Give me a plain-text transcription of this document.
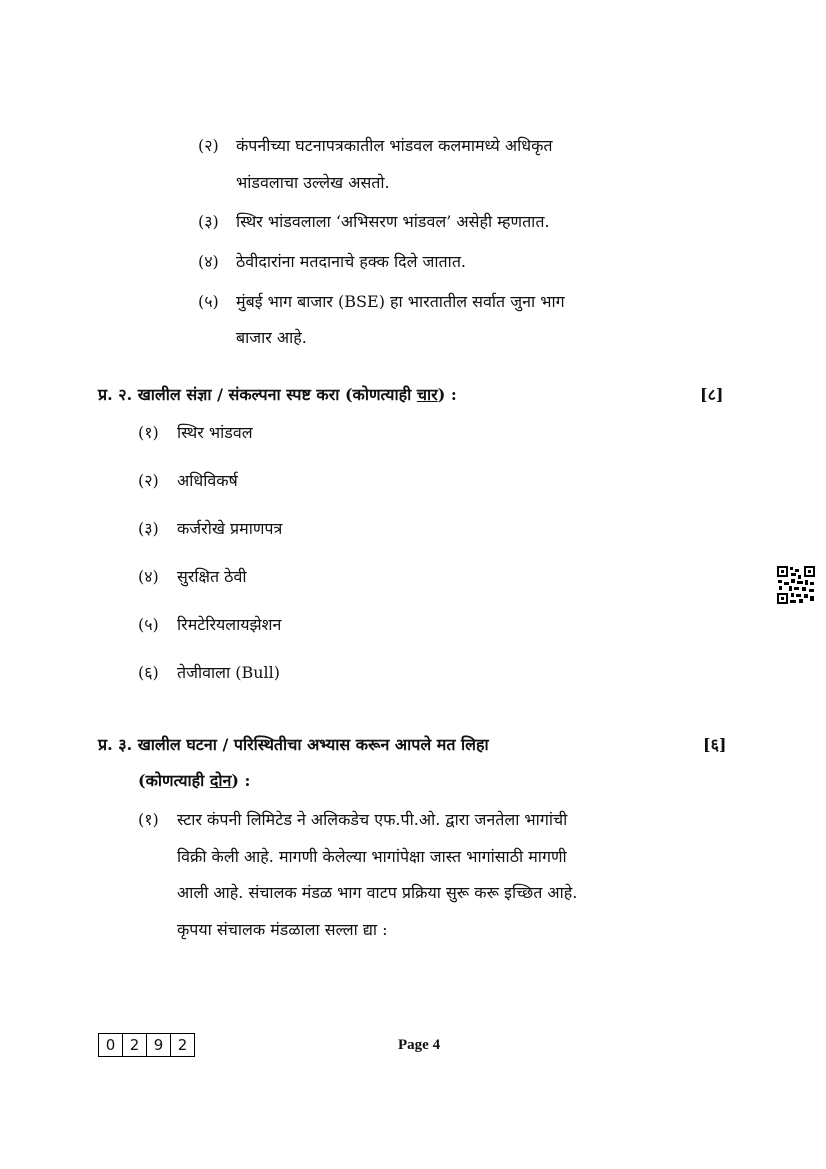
(२) कंपनीच्या घटनापत्रकातील भांडवल कलमामध्ये अधिकृत
भांडवलाचा उल्लेख असतो.
(३) स्थिर भांडवलाला ‘अभिसरण भांडवल’ असेही म्हणतात.
(४) ठेवीदारांना मतदानाचे हक्क दिले जातात.
(५) मुंबई भाग बाजार (BSE) हा भारतातील सर्वात जुना भाग
बाजार आहे.
प्र. २. खालील संज्ञा / संकल्पना स्पष्ट करा (कोणत्याही चार) :	[८]
(१) स्थिर भांडवल
(२) अधिविकर्ष
(३) कर्जरोखे प्रमाणपत्र
(४) सुरक्षित ठेवी
(५) रिमटेरियलायझेशन
(६) तेजीवाला (Bull)
प्र. ३. खालील घटना / परिस्थितीचा अभ्यास करून आपले मत लिहा	[६]
(कोणत्याही दोन) :
(१) स्टार कंपनी लिमिटेड ने अलिकडेच एफ.पी.ओ. द्वारा जनतेला भागांची
विक्री केली आहे. मागणी केलेल्या भागांपेक्षा जास्त भागांसाठी मागणी
आली आहे. संचालक मंडळ भाग वाटप प्रक्रिया सुरू करू इच्छित आहे.
कृपया संचालक मंडळाला सल्ला द्या :
0 2 9 2	Page 4
